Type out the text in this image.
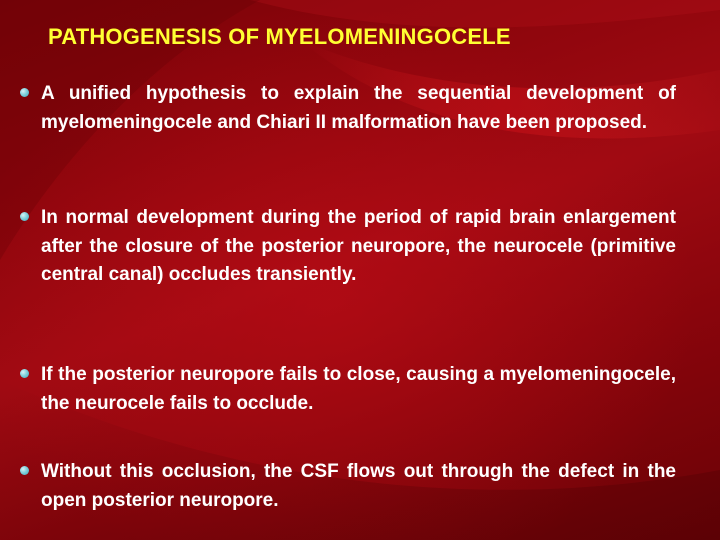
PATHOGENESIS OF MYELOMENINGOCELE
A unified hypothesis to explain the sequential development of myelomeningocele and Chiari II malformation have been proposed.
In normal development during the period of rapid brain enlargement after the closure of the posterior neuropore, the neurocele (primitive central canal) occludes transiently.
If the posterior neuropore fails to close, causing a myelomeningocele, the neurocele fails to occlude.
Without this occlusion, the CSF flows out through the defect in the open posterior neuropore.
